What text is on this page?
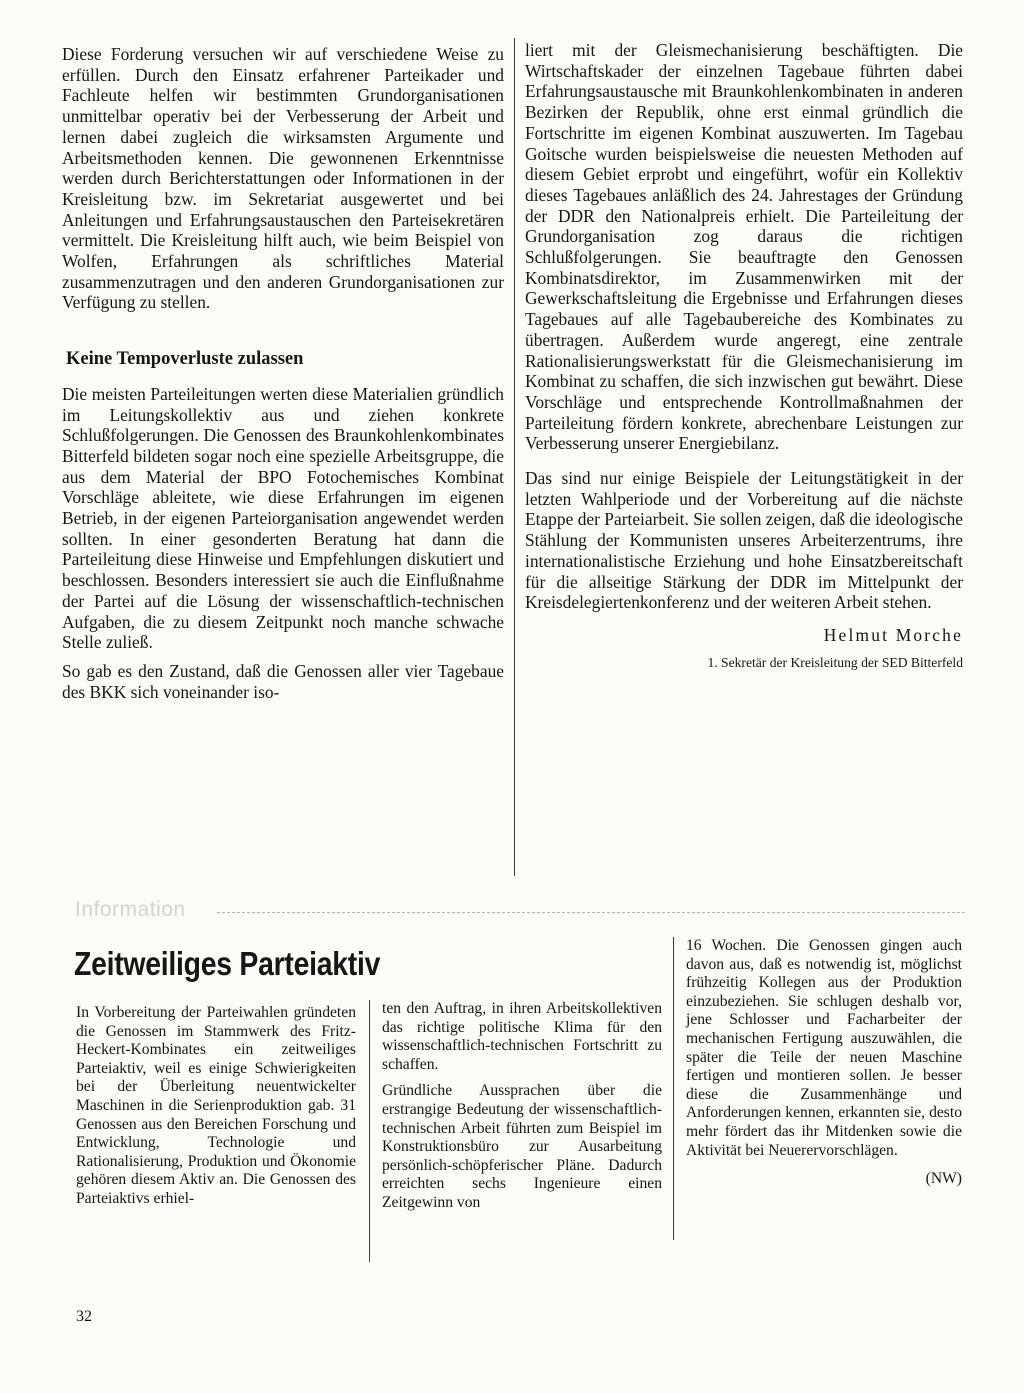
Diese Forderung versuchen wir auf verschiedene Weise zu erfüllen. Durch den Einsatz erfahrener Parteikader und Fachleute helfen wir bestimmten Grundorganisationen unmittelbar operativ bei der Verbesserung der Arbeit und lernen dabei zugleich die wirksamsten Argumente und Arbeitsmethoden kennen. Die gewonnenen Erkenntnisse werden durch Berichterstattungen oder Informationen in der Kreisleitung bzw. im Sekretariat ausgewertet und bei Anleitungen und Erfahrungsaustauschen den Parteisekretären vermittelt. Die Kreisleitung hilft auch, wie beim Beispiel von Wolfen, Erfahrungen als schriftliches Material zusammenzutragen und den anderen Grundorganisationen zur Verfügung zu stellen.

Keine Tempoverluste zulassen

Die meisten Parteileitungen werten diese Materialien gründlich im Leitungskollektiv aus und ziehen konkrete Schlußfolgerungen. Die Genossen des Braunkohlenkombinates Bitterfeld bildeten sogar noch eine spezielle Arbeitsgruppe, die aus dem Material der BPO Fotochemisches Kombinat Vorschläge ableitete, wie diese Erfahrungen im eigenen Betrieb, in der eigenen Parteiorganisation angewendet werden sollten. In einer gesonderten Beratung hat dann die Parteileitung diese Hinweise und Empfehlungen diskutiert und beschlossen. Besonders interessiert sie auch die Einflußnahme der Partei auf die Lösung der wissenschaftlich-technischen Aufgaben, die zu diesem Zeitpunkt noch manche schwache Stelle zuließ.

So gab es den Zustand, daß die Genossen aller vier Tagebaue des BKK sich voneinander iso-

liert mit der Gleismechanisierung beschäftigten. Die Wirtschaftskader der einzelnen Tagebaue führten dabei Erfahrungsaustausche mit Braunkohlenkombinaten in anderen Bezirken der Republik, ohne erst einmal gründlich die Fortschritte im eigenen Kombinat auszuwerten. Im Tagebau Goitsche wurden beispielsweise die neuesten Methoden auf diesem Gebiet erprobt und eingeführt, wofür ein Kollektiv dieses Tagebaues anläßlich des 24. Jahrestages der Gründung der DDR den Nationalpreis erhielt. Die Parteileitung der Grundorganisation zog daraus die richtigen Schlußfolgerungen. Sie beauftragte den Genossen Kombinatsdirektor, im Zusammenwirken mit der Gewerkschaftsleitung die Ergebnisse und Erfahrungen dieses Tagebaues auf alle Tagebaubereiche des Kombinates zu übertragen. Außerdem wurde angeregt, eine zentrale Rationalisierungswerkstatt für die Gleismechanisierung im Kombinat zu schaffen, die sich inzwischen gut bewährt. Diese Vorschläge und entsprechende Kontrollmaßnahmen der Parteileitung fördern konkrete, abrechenbare Leistungen zur Verbesserung unserer Energiebilanz.

Das sind nur einige Beispiele der Leitungstätigkeit in der letzten Wahlperiode und der Vorbereitung auf die nächste Etappe der Parteiarbeit. Sie sollen zeigen, daß die ideologische Stählung der Kommunisten unseres Arbeiterzentrums, ihre internationalistische Erziehung und hohe Einsatzbereitschaft für die allseitige Stärkung der DDR im Mittelpunkt der Kreisdelegiertenkonferenz und der weiteren Arbeit stehen.

Helmut Morche

1. Sekretär der Kreisleitung der SED Bitterfeld

Information
Zeitweiliges Parteiaktiv

In Vorbereitung der Parteiwahlen gründeten die Genossen im Stammwerk des Fritz-Heckert-Kombinates ein zeitweiliges Parteiaktiv, weil es einige Schwierigkeiten bei der Überleitung neuentwickelter Maschinen in die Serienproduktion gab. 31 Genossen aus den Bereichen Forschung und Entwicklung, Technologie und Rationalisierung, Produktion und Ökonomie gehören diesem Aktiv an. Die Genossen des Parteiaktivs erhiel-

ten den Auftrag, in ihren Arbeitskollektiven das richtige politische Klima für den wissenschaftlich-technischen Fortschritt zu schaffen.

Gründliche Aussprachen über die erstrangige Bedeutung der wissenschaftlich-technischen Arbeit führten zum Beispiel im Konstruktionsbüro zur Ausarbeitung persönlich-schöpferischer Pläne. Dadurch erreichten sechs Ingenieure einen Zeitgewinn von

16 Wochen. Die Genossen gingen auch davon aus, daß es notwendig ist, möglichst frühzeitig Kollegen aus der Produktion einzubeziehen. Sie schlugen deshalb vor, jene Schlosser und Facharbeiter der mechanischen Fertigung auszuwählen, die später die Teile der neuen Maschine fertigen und montieren sollen. Je besser diese die Zusammenhänge und Anforderungen kennen, erkannten sie, desto mehr fördert das ihr Mitdenken sowie die Aktivität bei Neuerervorschlägen.

(NW)

32
